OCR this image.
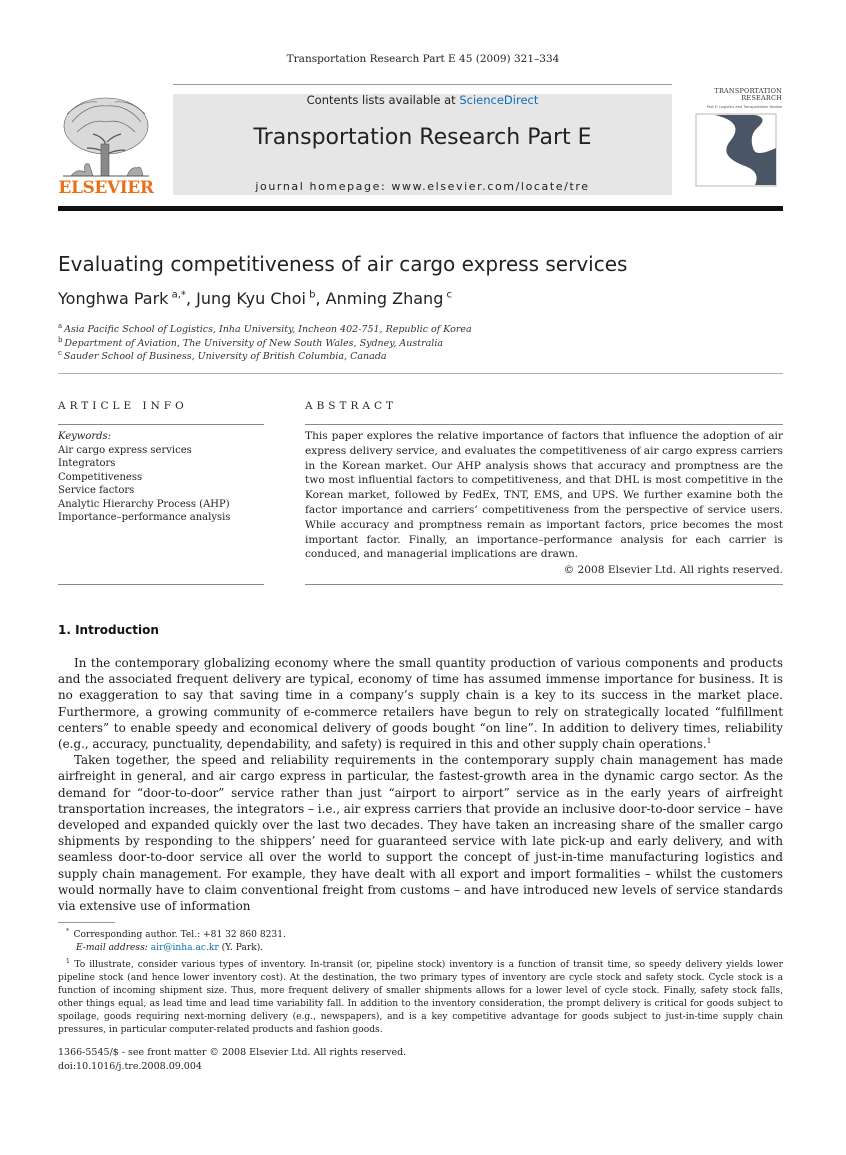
Transportation Research Part E 45 (2009) 321–334
ELSEVIER
Contents lists available at ScienceDirect
Transportation Research Part E
journal homepage: www.elsevier.com/locate/tre
TRANSPORTATION
RESEARCH
Part E: Logistics and Transportation Review
Evaluating competitiveness of air cargo express services
Yonghwa Park $^{a,*}$, Jung Kyu Choi $^b$, Anming Zhang $^c$
$^a$  Asia Pacific School of Logistics, Inha University, Incheon 402-751, Republic of Korea
$^b$  Department of Aviation, The University of New South Wales, Sydney, Australia
$^c$  Sauder School of Business, University of British Columbia, Canada
ARTICLE INFO	ABSTRACT
Keywords:
Air cargo express services
Integrators
Competitiveness
Service factors
Analytic Hierarchy Process (AHP)
Importance–performance analysis
This paper explores the relative importance of factors that influence the adoption of air express delivery service, and evaluates the competitiveness of air cargo express carriers in the Korean market. Our AHP analysis shows that accuracy and promptness are the two most influential factors to competitiveness, and that DHL is most competitive in the Korean market, followed by FedEx, TNT, EMS, and UPS. We further examine both the factor importance and carriers’ competitiveness from the perspective of service users. While accuracy and promptness remain as important factors, price becomes the most important factor. Finally, an importance–performance analysis for each carrier is conduced, and managerial implications are drawn.
© 2008 Elsevier Ltd. All rights reserved.
1. Introduction

In the contemporary globalizing economy where the small quantity production of various components and products and the associated frequent delivery are typical, economy of time has assumed immense importance for business. It is no exaggeration to say that saving time in a company’s supply chain is a key to its success in the market place. Furthermore, a growing community of e-commerce retailers have begun to rely on strategically located “fulfillment centers” to enable speedy and economical delivery of goods bought “on line”. In addition to delivery times, reliability (e.g., accuracy, punctuality, dependability, and safety) is required in this and other supply chain operations.$^1$

Taken together, the speed and reliability requirements in the contemporary supply chain management has made airfreight in general, and air cargo express in particular, the fastest-growth area in the dynamic cargo sector. As the demand for “door-to-door” service rather than just “airport to airport” service as in the early years of airfreight transportation increases, the integrators – i.e., air express carriers that provide an inclusive door-to-door service – have developed and expanded quickly over the last two decades. They have taken an increasing share of the smaller cargo shipments by responding to the shippers’ need for guaranteed service with late pick-up and early delivery, and with seamless door-to-door service all over the world to support the concept of just-in-time manufacturing logistics and supply chain management. For example, they have dealt with all export and import formalities – whilst the customers would normally have to claim conventional freight from customs – and have introduced new levels of service standards via extensive use of information

*  Corresponding author. Tel.: +81 32 860 8231.

E-mail address: air@inha.ac.kr (Y. Park).

$^1$  To illustrate, consider various types of inventory. In-transit (or, pipeline stock) inventory is a function of transit time, so speedy delivery yields lower pipeline stock (and hence lower inventory cost). At the destination, the two primary types of inventory are cycle stock and safety stock. Cycle stock is a function of incoming shipment size. Thus, more frequent delivery of smaller shipments allows for a lower level of cycle stock. Finally, safety stock falls, other things equal, as lead time and lead time variability fall. In addition to the inventory consideration, the prompt delivery is critical for goods subject to spoilage, goods requiring next-morning delivery (e.g., newspapers), and is a key competitive advantage for goods subject to just-in-time supply chain pressures, in particular computer-related products and fashion goods.

1366-5545/$ - see front matter © 2008 Elsevier Ltd. All rights reserved.
doi:10.1016/j.tre.2008.09.004
